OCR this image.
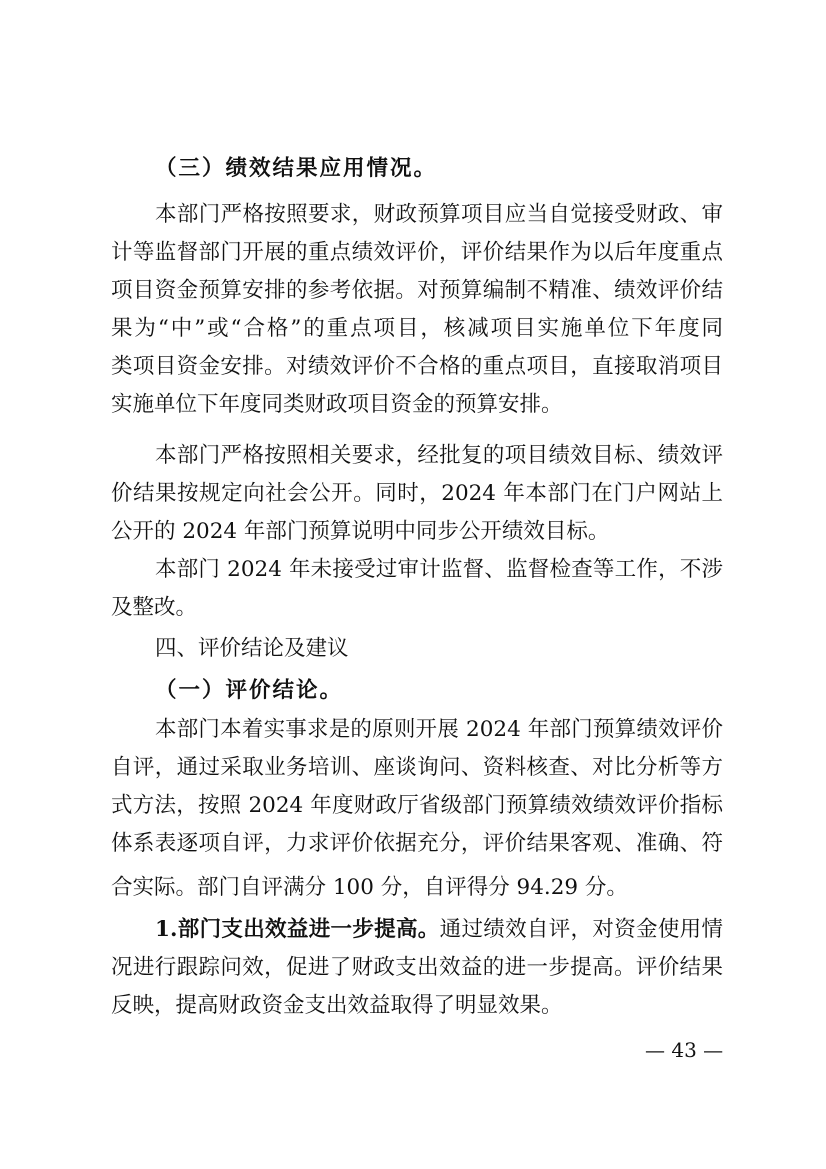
（三）绩效结果应用情况。
本部门严格按照要求，财政预算项目应当自觉接受财政、审
计等监督部门开展的重点绩效评价，评价结果作为以后年度重点
项目资金预算安排的参考依据。对预算编制不精准、绩效评价结
果为“中”或“合格”的重点项目，核减项目实施单位下年度同
类项目资金安排。对绩效评价不合格的重点项目，直接取消项目
实施单位下年度同类财政项目资金的预算安排。
本部门严格按照相关要求，经批复的项目绩效目标、绩效评
价结果按规定向社会公开。同时，2024 年本部门在门户网站上
公开的 2024 年部门预算说明中同步公开绩效目标。
本部门 2024 年未接受过审计监督、监督检查等工作，不涉
及整改。
四、评价结论及建议
（一）评价结论。
本部门本着实事求是的原则开展 2024 年部门预算绩效评价
自评，通过采取业务培训、座谈询问、资料核查、对比分析等方
式方法，按照 2024 年度财政厅省级部门预算绩效绩效评价指标
体系表逐项自评，力求评价依据充分，评价结果客观、准确、符
合实际。部门自评满分 100 分，自评得分 94.29 分。
1.部门支出效益进一步提高。通过绩效自评，对资金使用情
况进行跟踪问效，促进了财政支出效益的进一步提高。评价结果
反映，提高财政资金支出效益取得了明显效果。
— 43 —
